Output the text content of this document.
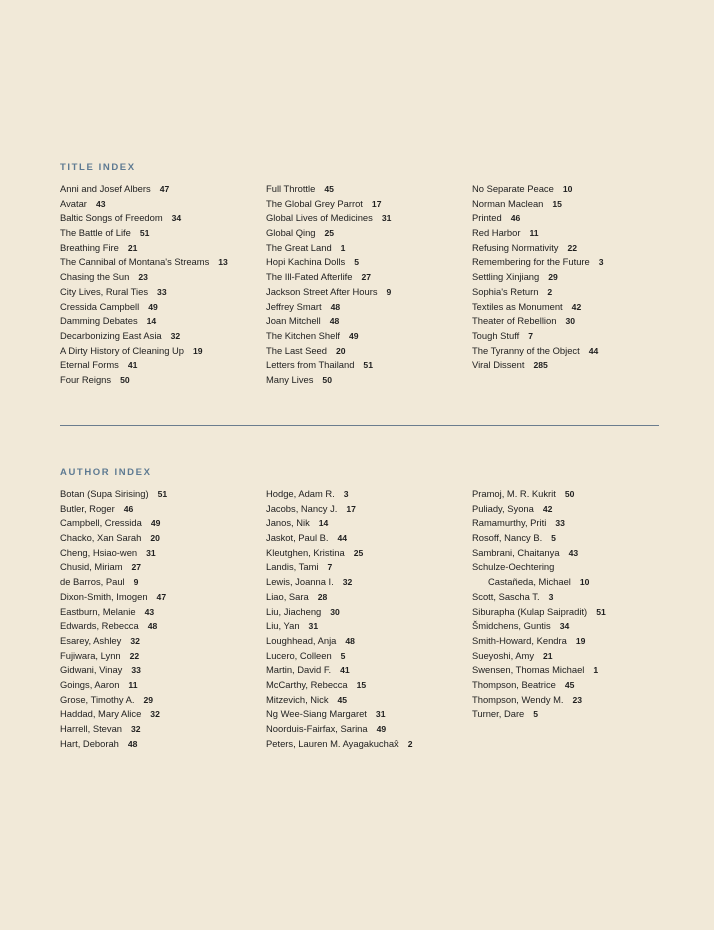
TITLE INDEX
Anni and Josef Albers 47
Avatar 43
Baltic Songs of Freedom 34
The Battle of Life 51
Breathing Fire 21
The Cannibal of Montana's Streams 13
Chasing the Sun 23
City Lives, Rural Ties 33
Cressida Campbell 49
Damming Debates 14
Decarbonizing East Asia 32
A Dirty History of Cleaning Up 19
Eternal Forms 41
Four Reigns 50
Full Throttle 45
The Global Grey Parrot 17
Global Lives of Medicines 31
Global Qing 25
The Great Land 1
Hopi Kachina Dolls 5
The Ill-Fated Afterlife 27
Jackson Street After Hours 9
Jeffrey Smart 48
Joan Mitchell 48
The Kitchen Shelf 49
The Last Seed 20
Letters from Thailand 51
Many Lives 50
No Separate Peace 10
Norman Maclean 15
Printed 46
Red Harbor 11
Refusing Normativity 22
Remembering for the Future 3
Settling Xinjiang 29
Sophia's Return 2
Textiles as Monument 42
Theater of Rebellion 30
Tough Stuff 7
The Tyranny of the Object 44
Viral Dissent 285
AUTHOR INDEX
Botan (Supa Sirising) 51
Butler, Roger 46
Campbell, Cressida 49
Chacko, Xan Sarah 20
Cheng, Hsiao-wen 31
Chusid, Miriam 27
de Barros, Paul 9
Dixon-Smith, Imogen 47
Eastburn, Melanie 43
Edwards, Rebecca 48
Esarey, Ashley 32
Fujiwara, Lynn 22
Gidwani, Vinay 33
Goings, Aaron 11
Grose, Timothy A. 29
Haddad, Mary Alice 32
Harrell, Stevan 32
Hart, Deborah 48
Hodge, Adam R. 3
Jacobs, Nancy J. 17
Janos, Nik 14
Jaskot, Paul B. 44
Kleutghen, Kristina 25
Landis, Tami 7
Lewis, Joanna I. 32
Liao, Sara 28
Liu, Jiacheng 30
Liu, Yan 31
Loughhead, Anja 48
Lucero, Colleen 5
Martin, David F. 41
McCarthy, Rebecca 15
Mitzevich, Nick 45
Ng Wee-Siang Margaret 31
Noorduis-Fairfax, Sarina 49
Peters, Lauren M. Ayagakuchax̂ 2
Pramoj, M. R. Kukrit 50
Puliady, Syona 42
Ramamurthy, Priti 33
Rosoff, Nancy B. 5
Sambrani, Chaitanya 43
Schulze-Oechtering
Castañeda, Michael 10
Scott, Sascha T. 3
Siburapha (Kulap Saipradit) 51
Šmidchens, Guntis 34
Smith-Howard, Kendra 19
Sueyoshi, Amy 21
Swensen, Thomas Michael 1
Thompson, Beatrice 45
Thompson, Wendy M. 23
Turner, Dare 5
